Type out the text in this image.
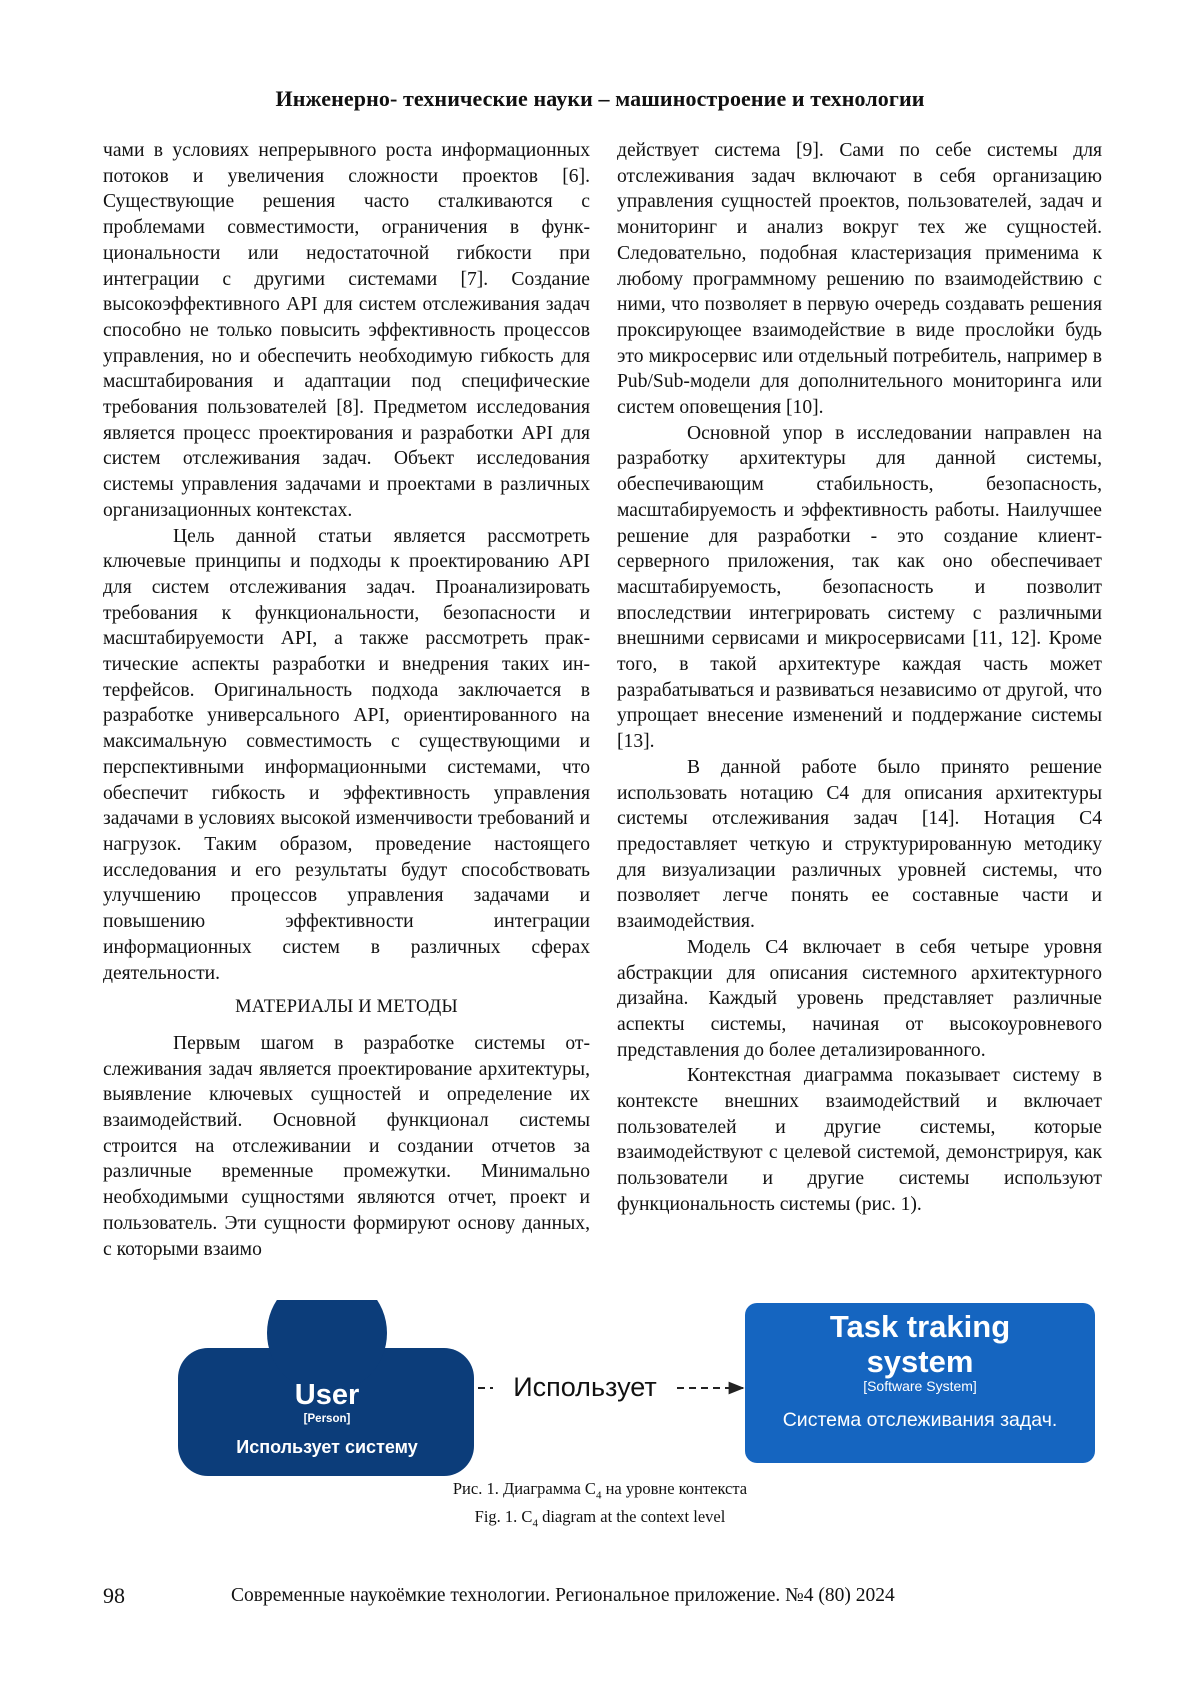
Инженерно- технические науки – машиностроение и технологии

чами в условиях непрерывного роста информационных потоков и увеличения сложности проектов [6]. Существующие решения часто сталкиваются с проблемами совместимости, ограничения в функциональности или недостаточной гибкости при интеграции с другими системами [7]. Создание высокоэффективного API для систем отслеживания задач способно не только повысить эффективность процессов управления, но и обеспечить необходимую гибкость для масштабирования и адаптации под специфические требования пользователей [8]. Предметом исследования является процесс проектирования и разработки API для систем отслеживания задач. Объект исследования системы управления задачами и проектами в различных организационных контекстах.

Цель данной статьи является рассмотреть ключевые принципы и подходы к проектированию API для систем отслеживания задач. Проанализировать требования к функциональности, безопасности и масштабируемости API, а также рассмотреть практические аспекты разработки и внедрения таких интерфейсов. Оригинальность подхода заключается в разработке универсального API, ориентированного на максимальную совместимость с существующими и перспективными информационными системами, что обеспечит гибкость и эффективность управления задачами в условиях высокой изменчивости требований и нагрузок. Таким образом, проведение настоящего исследования и его результаты будут способствовать улучшению процессов управления задачами и повышению эффективности интеграции информационных систем в различных сферах деятельности.

МАТЕРИАЛЫ И МЕТОДЫ

Первым шагом в разработке системы отслеживания задач является проектирование архитектуры, выявление ключевых сущностей и определение их взаимодействий. Основной функционал системы строится на отслеживании и создании отчетов за различные временные промежутки. Минимально необходимыми сущностями являются отчет, проект и пользователь. Эти сущности формируют основу данных, с которыми взаимо

действует система [9]. Сами по себе системы для отслеживания задач включают в себя организацию управления сущностей проектов, пользователей, задач и мониторинг и анализ вокруг тех же сущностей. Следовательно, подобная кластеризация применима к любому программному решению по взаимодействию с ними, что позволяет в первую очередь создавать решения проксирующее взаимодействие в виде прослойки будь это микросервис или отдельный потребитель, например в Pub/Sub-модели для дополнительного мониторинга или систем оповещения [10].

Основной упор в исследовании направлен на разработку архитектуры для данной системы, обеспечивающим стабильность, безопасность, масштабируемость и эффективность работы. Наилучшее решение для разработки - это создание клиент-серверного приложения, так как оно обеспечивает масштабируемость, безопасность и позволит впоследствии интегрировать систему с различными внешними сервисами и микросервисами [11, 12]. Кроме того, в такой архитектуре каждая часть может разрабатываться и развиваться независимо от другой, что упрощает внесение изменений и поддержание системы [13].

В данной работе было принято решение использовать нотацию С4 для описания архитектуры системы отслеживания задач [14]. Нотация С4 предоставляет четкую и структурированную методику для визуализации различных уровней системы, что позволяет легче понять ее составные части и взаимодействия.

Модель С4 включает в себя четыре уровня абстракции для описания системного архитектурного дизайна. Каждый уровень представляет различные аспекты системы, начиная от высокоуровневого представления до более детализированного.

Контекстная диаграмма показывает систему в контексте внешних взаимодействий и включает пользователей и другие системы, которые взаимодействуют с целевой системой, демонстрируя, как пользователи и другие системы используют функциональность системы (рис. 1).

User
[Person]
Использует систему
Использует
Task traking
system
[Software System]
Система отслеживания задач.
Рис. 1. Диаграмма $С_4$ на уровне контекста
Fig. 1. $C_4$ diagram at the context level
98	Современные наукоёмкие технологии. Региональное приложение. №4 (80) 2024
